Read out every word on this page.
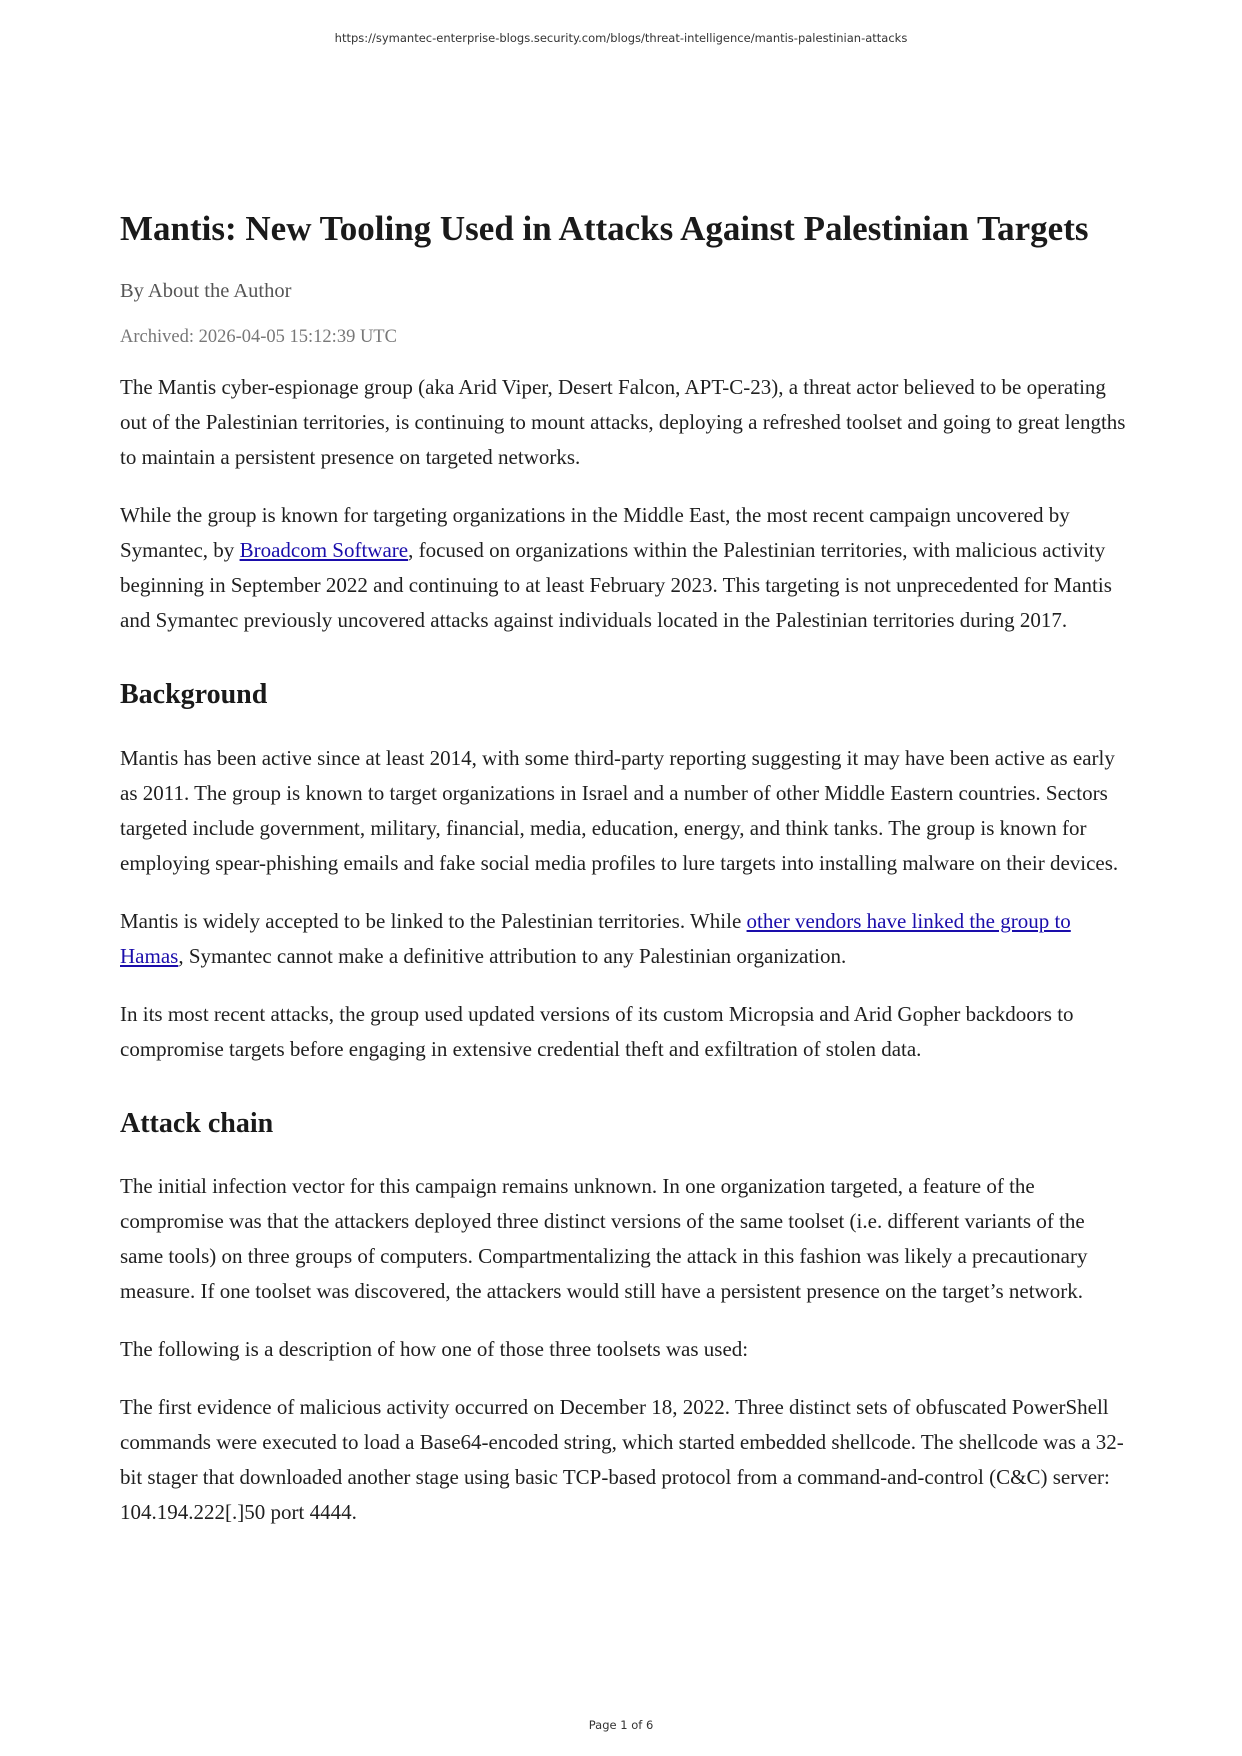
https://symantec-enterprise-blogs.security.com/blogs/threat-intelligence/mantis-palestinian-attacks
Mantis: New Tooling Used in Attacks Against Palestinian Targets
By About the Author
Archived: 2026-04-05 15:12:39 UTC

The Mantis cyber-espionage group (aka Arid Viper, Desert Falcon, APT-C-23), a threat actor believed to be operating out of the Palestinian territories, is continuing to mount attacks, deploying a refreshed toolset and going to great lengths to maintain a persistent presence on targeted networks.

While the group is known for targeting organizations in the Middle East, the most recent campaign uncovered by Symantec, by Broadcom Software, focused on organizations within the Palestinian territories, with malicious activity beginning in September 2022 and continuing to at least February 2023. This targeting is not unprecedented for Mantis and Symantec previously uncovered attacks against individuals located in the Palestinian territories during 2017.

Background

Mantis has been active since at least 2014, with some third-party reporting suggesting it may have been active as early as 2011. The group is known to target organizations in Israel and a number of other Middle Eastern countries. Sectors targeted include government, military, financial, media, education, energy, and think tanks. The group is known for employing spear-phishing emails and fake social media profiles to lure targets into installing malware on their devices.

Mantis is widely accepted to be linked to the Palestinian territories. While other vendors have linked the group to Hamas, Symantec cannot make a definitive attribution to any Palestinian organization.

In its most recent attacks, the group used updated versions of its custom Micropsia and Arid Gopher backdoors to compromise targets before engaging in extensive credential theft and exfiltration of stolen data.

Attack chain

The initial infection vector for this campaign remains unknown. In one organization targeted, a feature of the compromise was that the attackers deployed three distinct versions of the same toolset (i.e. different variants of the same tools) on three groups of computers. Compartmentalizing the attack in this fashion was likely a precautionary measure. If one toolset was discovered, the attackers would still have a persistent presence on the target’s network.

The following is a description of how one of those three toolsets was used:

The first evidence of malicious activity occurred on December 18, 2022. Three distinct sets of obfuscated PowerShell commands were executed to load a Base64-encoded string, which started embedded shellcode. The shellcode was a 32-bit stager that downloaded another stage using basic TCP-based protocol from a command-and-control (C&C) server: 104.194.222[.]50 port 4444.

Page 1 of 6
